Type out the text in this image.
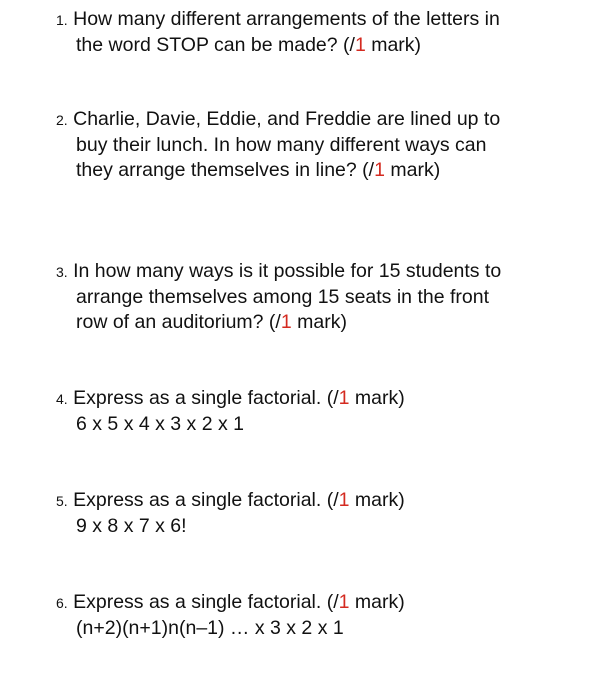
1. How many different arrangements of the letters in
the word STOP can be made? (/1 mark)
2. Charlie, Davie, Eddie, and Freddie are lined up to
buy their lunch. In how many different ways can
they arrange themselves in line? (/1 mark)
3. In how many ways is it possible for 15 students to
arrange themselves among 15 seats in the front
row of an auditorium? (/1 mark)
4. Express as a single factorial. (/1 mark)
6 x 5 x 4 x 3 x 2 x 1
5. Express as a single factorial. (/1 mark)
9 x 8 x 7 x 6!
6. Express as a single factorial. (/1 mark)
(n+2)(n+1)n(n–1) … x 3 x 2 x 1
